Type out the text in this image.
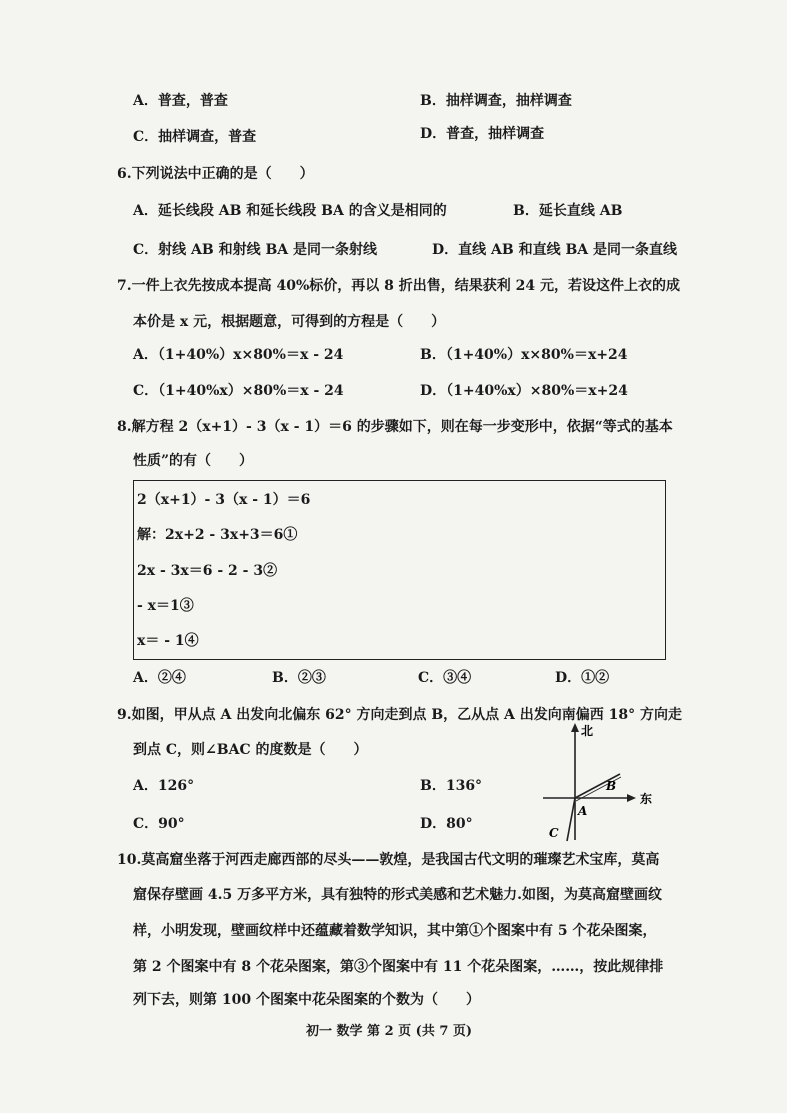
A．普查，普查	B．抽样调查，抽样调查
C．抽样调查，普查	D．普查，抽样调查
6.下列说法中正确的是（　　）
A．延长线段 AB 和延长线段 BA 的含义是相同的	B．延长直线 AB
C．射线 AB 和射线 BA 是同一条射线	D．直线 AB 和直线 BA 是同一条直线
7.一件上衣先按成本提高 40%标价，再以 8 折出售，结果获利 24 元，若设这件上衣的成
本价是 x 元，根据题意，可得到的方程是（　　）
A．（1+40%）x×80%＝x - 24	B．（1+40%）x×80%＝x+24
C．（1+40%x）×80%＝x - 24	D．（1+40%x）×80%＝x+24
8.解方程 2（x+1）- 3（x - 1）＝6 的步骤如下，则在每一步变形中，依据“等式的基本
性质”的有（　　）
2（x+1）- 3（x - 1）＝6
解：2x+2 - 3x+3＝6①
2x - 3x＝6 - 2 - 3②
- x＝1③
x＝ - 1④
A．②④	B．②③	C．③④	D．①②
9.如图，甲从点 A 出发向北偏东 62° 方向走到点 B，乙从点 A 出发向南偏西 18° 方向走
到点 C，则∠BAC 的度数是（　　）
A．126°	B．136°
C．90°	D．80°
北
东
A
B
C
10.莫高窟坐落于河西走廊西部的尽头——敦煌，是我国古代文明的璀璨艺术宝库，莫高
窟保存壁画 4.5 万多平方米，具有独特的形式美感和艺术魅力.如图，为莫高窟壁画纹
样，小明发现，壁画纹样中还蕴藏着数学知识，其中第①个图案中有 5 个花朵图案，
第 2 个图案中有 8 个花朵图案，第③个图案中有 11 个花朵图案，……，按此规律排
列下去，则第 100 个图案中花朵图案的个数为（　　）
初一 数学 第 2 页 (共 7 页)
